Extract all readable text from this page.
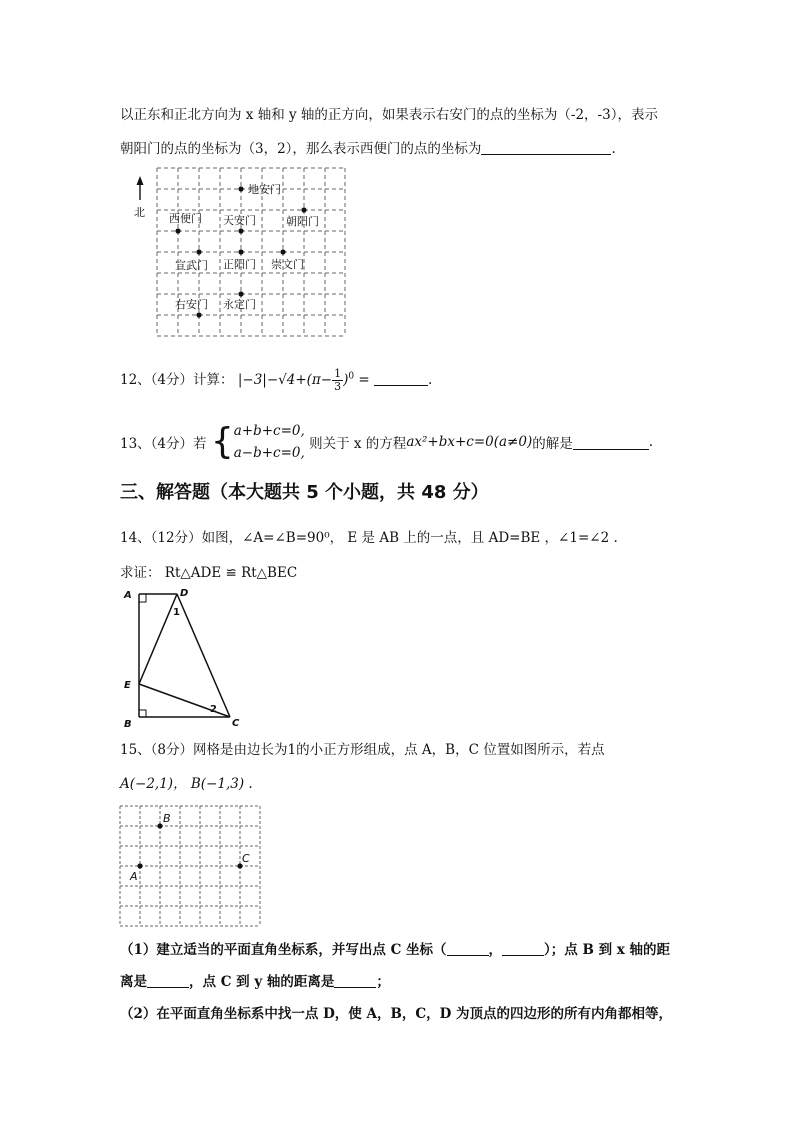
以正东和正北方向为 x 轴和 y 轴的正方向，如果表示右安门的点的坐标为（-2，-3），表示
朝阳门的点的坐标为（3，2），那么表示西便门的点的坐标为	.
北
地安门
西便门 天安门	朝阳门
宣武门 正阳门 崇文门
永定门
右安门
12、（4分）计算： $|-3|-√4+(\pi- \frac{1}{3} )^0$ =	.
13、（4分）若 { a+b+c=0,
a−b+c=0,
则关于 x 的方程ax²+bx+c=0(a≠0)的解是	.
三、解答题（本大题共 5 个小题，共 48 分）
14、（12分）如图，∠A=∠B=90⁰， E 是 AB 上的一点，且 AD=BE ，∠1=∠2 .
求证： Rt△ADE ≌ Rt△BEC
A	D
E
B	C
1
2
15、（8分）网格是由边长为1的小正方形组成，点 A，B，C 位置如图所示，若点
A(−2,1)， B(−1,3) .
A
B
C
（1）建立适当的平面直角坐标系，并写出点 C 坐标（	，	）；点 B 到 x 轴的距
离是	，点 C 到 y 轴的距离是	；
（2）在平面直角坐标系中找一点 D，使 A，B，C，D 为顶点的四边形的所有内角都相等，
